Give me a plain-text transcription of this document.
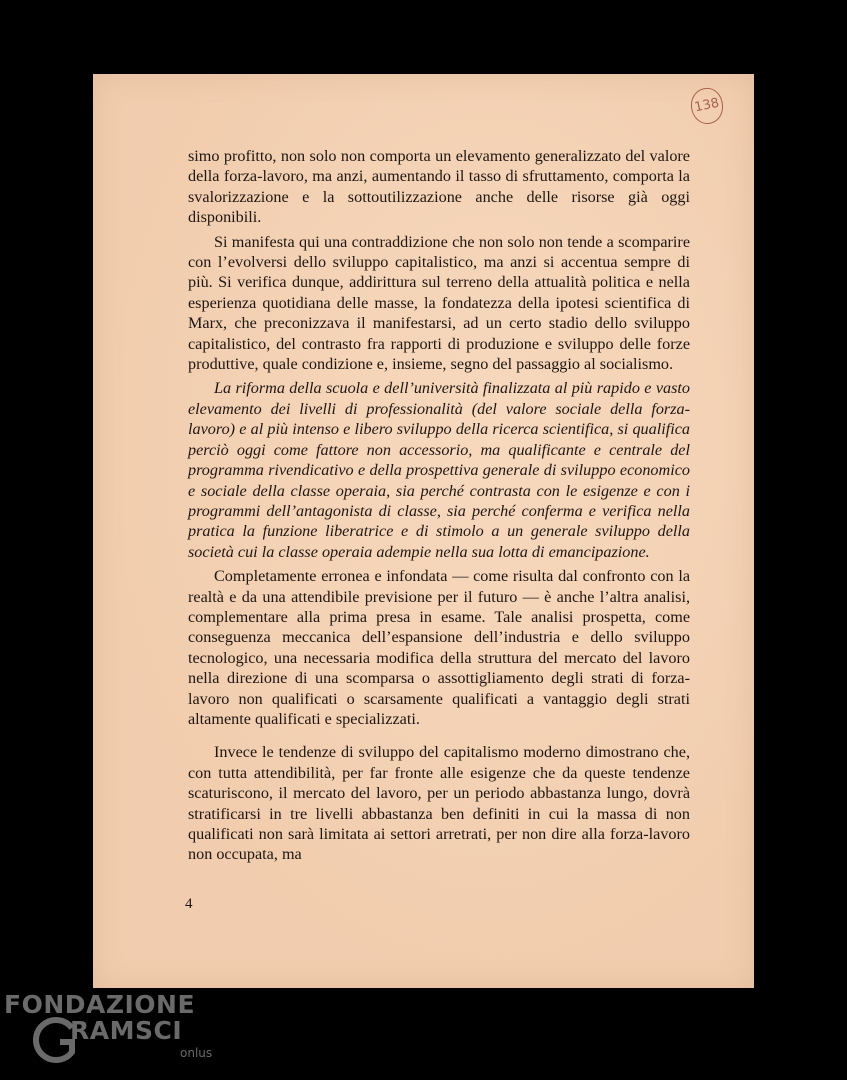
138

simo profitto, non solo non comporta un elevamento generalizzato del valore della forza-lavoro, ma anzi, aumentando il tasso di sfruttamento, comporta la svalorizzazione e la sottoutilizzazione anche delle risorse già oggi disponibili.

Si manifesta qui una contraddizione che non solo non tende a scomparire con l’evolversi dello sviluppo capitalistico, ma anzi si accentua sempre di più. Si verifica dunque, addirittura sul terreno della attualità politica e nella esperienza quotidiana delle masse, la fondatezza della ipotesi scientifica di Marx, che preconizzava il manifestarsi, ad un certo stadio dello sviluppo capitalistico, del contrasto fra rapporti di produzione e sviluppo delle forze produttive, quale condizione e, insieme, segno del passaggio al socialismo.

La riforma della scuola e dell’università finalizzata al più rapido e vasto elevamento dei livelli di professionalità (del valore sociale della forza-lavoro) e al più intenso e libero sviluppo della ricerca scientifica, si qualifica perciò oggi come fattore non accessorio, ma qualificante e centrale del programma rivendicativo e della prospettiva generale di sviluppo economico e sociale della classe operaia, sia perché contrasta con le esigenze e con i programmi dell’antagonista di classe, sia perché conferma e verifica nella pratica la funzione liberatrice e di stimolo a un generale sviluppo della società cui la classe operaia adempie nella sua lotta di emancipazione.

Completamente erronea e infondata — come risulta dal confronto con la realtà e da una attendibile previsione per il futuro — è anche l’altra analisi, complementare alla prima presa in esame. Tale analisi prospetta, come conseguenza meccanica dell’espansione dell’industria e dello sviluppo tecnologico, una necessaria modifica della struttura del mercato del lavoro nella direzione di una scomparsa o assottigliamento degli strati di forza-lavoro non qualificati o scarsamente qualificati a vantaggio degli strati altamente qualificati e specializzati.

Invece le tendenze di sviluppo del capitalismo moderno dimostrano che, con tutta attendibilità, per far fronte alle esigenze che da queste tendenze scaturiscono, il mercato del lavoro, per un periodo abbastanza lungo, dovrà stratificarsi in tre livelli abbastanza ben definiti in cui la massa di non qualificati non sarà limitata ai settori arretrati, per non dire alla forza-lavoro non occupata, ma

4
FONDAZIONE
RAMSCI
onlus
